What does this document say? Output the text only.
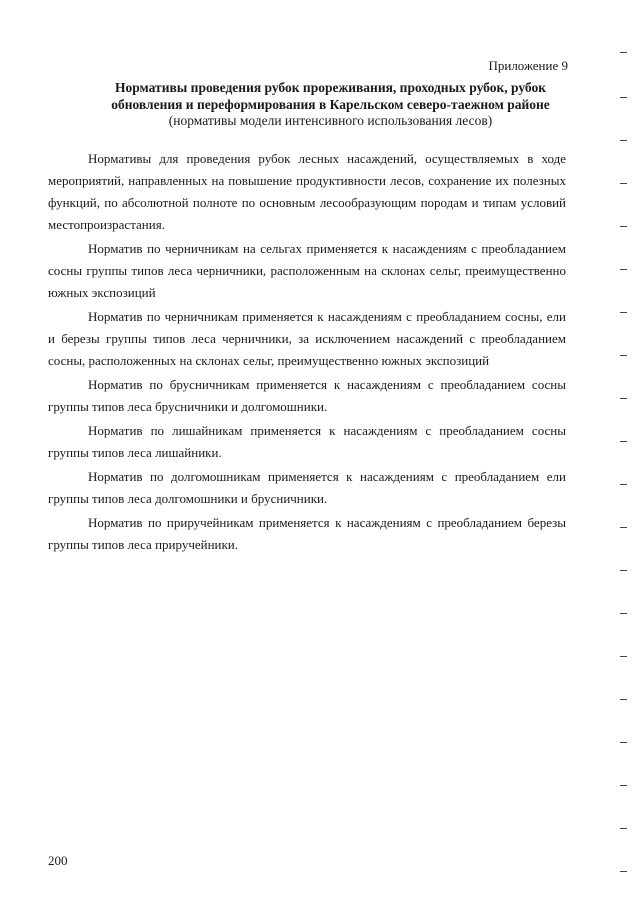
Приложение 9
Нормативы проведения рубок прореживания, проходных рубок, рубок
обновления и переформирования в Карельском северо-таежном районе
(нормативы модели интенсивного использования лесов)

Нормативы для проведения рубок лесных насаждений, осуществляемых в ходе мероприятий, направленных на повышение продуктивности лесов, сохранение их полезных функций, по абсолютной полноте по основным лесообразующим породам и типам условий местопроизрастания.

Норматив по черничникам на сельгах применяется к насаждениям с преобладанием сосны группы типов леса черничники, расположенным на склонах сельг, преимущественно южных экспозиций

Норматив по черничникам применяется к насаждениям с преобладанием сосны, ели и березы группы типов леса черничники, за исключением насаждений с преобладанием сосны, расположенных на склонах сельг, преимущественно южных экспозиций

Норматив по брусничникам применяется к насаждениям с преобладанием сосны группы типов леса брусничники и долгомошники.

Норматив по лишайникам применяется к насаждениям с преобладанием сосны группы типов леса лишайники.

Норматив по долгомошникам применяется к насаждениям с преобладанием ели группы типов леса долгомошники и брусничники.

Норматив по приручейникам применяется к насаждениям с преобладанием березы группы типов леса приручейники.

200
